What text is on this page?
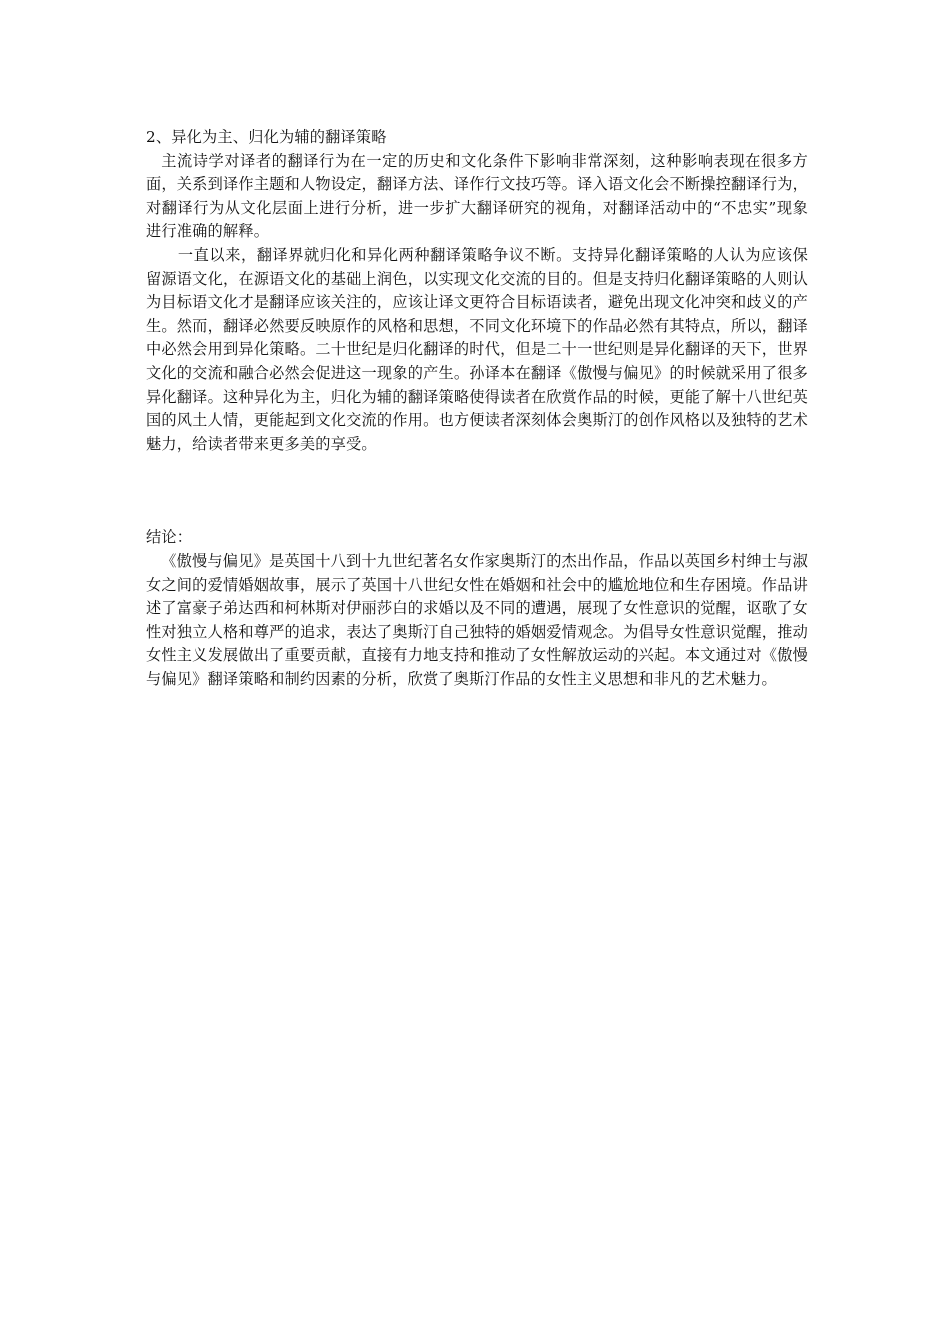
2、异化为主、归化为辅的翻译策略

主流诗学对译者的翻译行为在一定的历史和文化条件下影响非常深刻，这种影响表现在很多方面，关系到译作主题和人物设定，翻译方法、译作行文技巧等。译入语文化会不断操控翻译行为，对翻译行为从文化层面上进行分析，进一步扩大翻译研究的视角，对翻译活动中的“不忠实”现象进行准确的解释。

一直以来，翻译界就归化和异化两种翻译策略争议不断。支持异化翻译策略的人认为应该保留源语文化，在源语文化的基础上润色，以实现文化交流的目的。但是支持归化翻译策略的人则认为目标语文化才是翻译应该关注的，应该让译文更符合目标语读者，避免出现文化冲突和歧义的产生。然而，翻译必然要反映原作的风格和思想，不同文化环境下的作品必然有其特点，所以，翻译中必然会用到异化策略。二十世纪是归化翻译的时代，但是二十一世纪则是异化翻译的天下，世界文化的交流和融合必然会促进这一现象的产生。孙译本在翻译《傲慢与偏见》的时候就采用了很多异化翻译。这种异化为主，归化为辅的翻译策略使得读者在欣赏作品的时候，更能了解十八世纪英国的风土人情，更能起到文化交流的作用。也方便读者深刻体会奥斯汀的创作风格以及独特的艺术魅力，给读者带来更多美的享受。

结论：

《傲慢与偏见》是英国十八到十九世纪著名女作家奥斯汀的杰出作品，作品以英国乡村绅士与淑女之间的爱情婚姻故事，展示了英国十八世纪女性在婚姻和社会中的尴尬地位和生存困境。作品讲述了富豪子弟达西和柯林斯对伊丽莎白的求婚以及不同的遭遇，展现了女性意识的觉醒，讴歌了女性对独立人格和尊严的追求，表达了奥斯汀自己独特的婚姻爱情观念。为倡导女性意识觉醒，推动女性主义发展做出了重要贡献，直接有力地支持和推动了女性解放运动的兴起。本文通过对《傲慢与偏见》翻译策略和制约因素的分析，欣赏了奥斯汀作品的女性主义思想和非凡的艺术魅力。
